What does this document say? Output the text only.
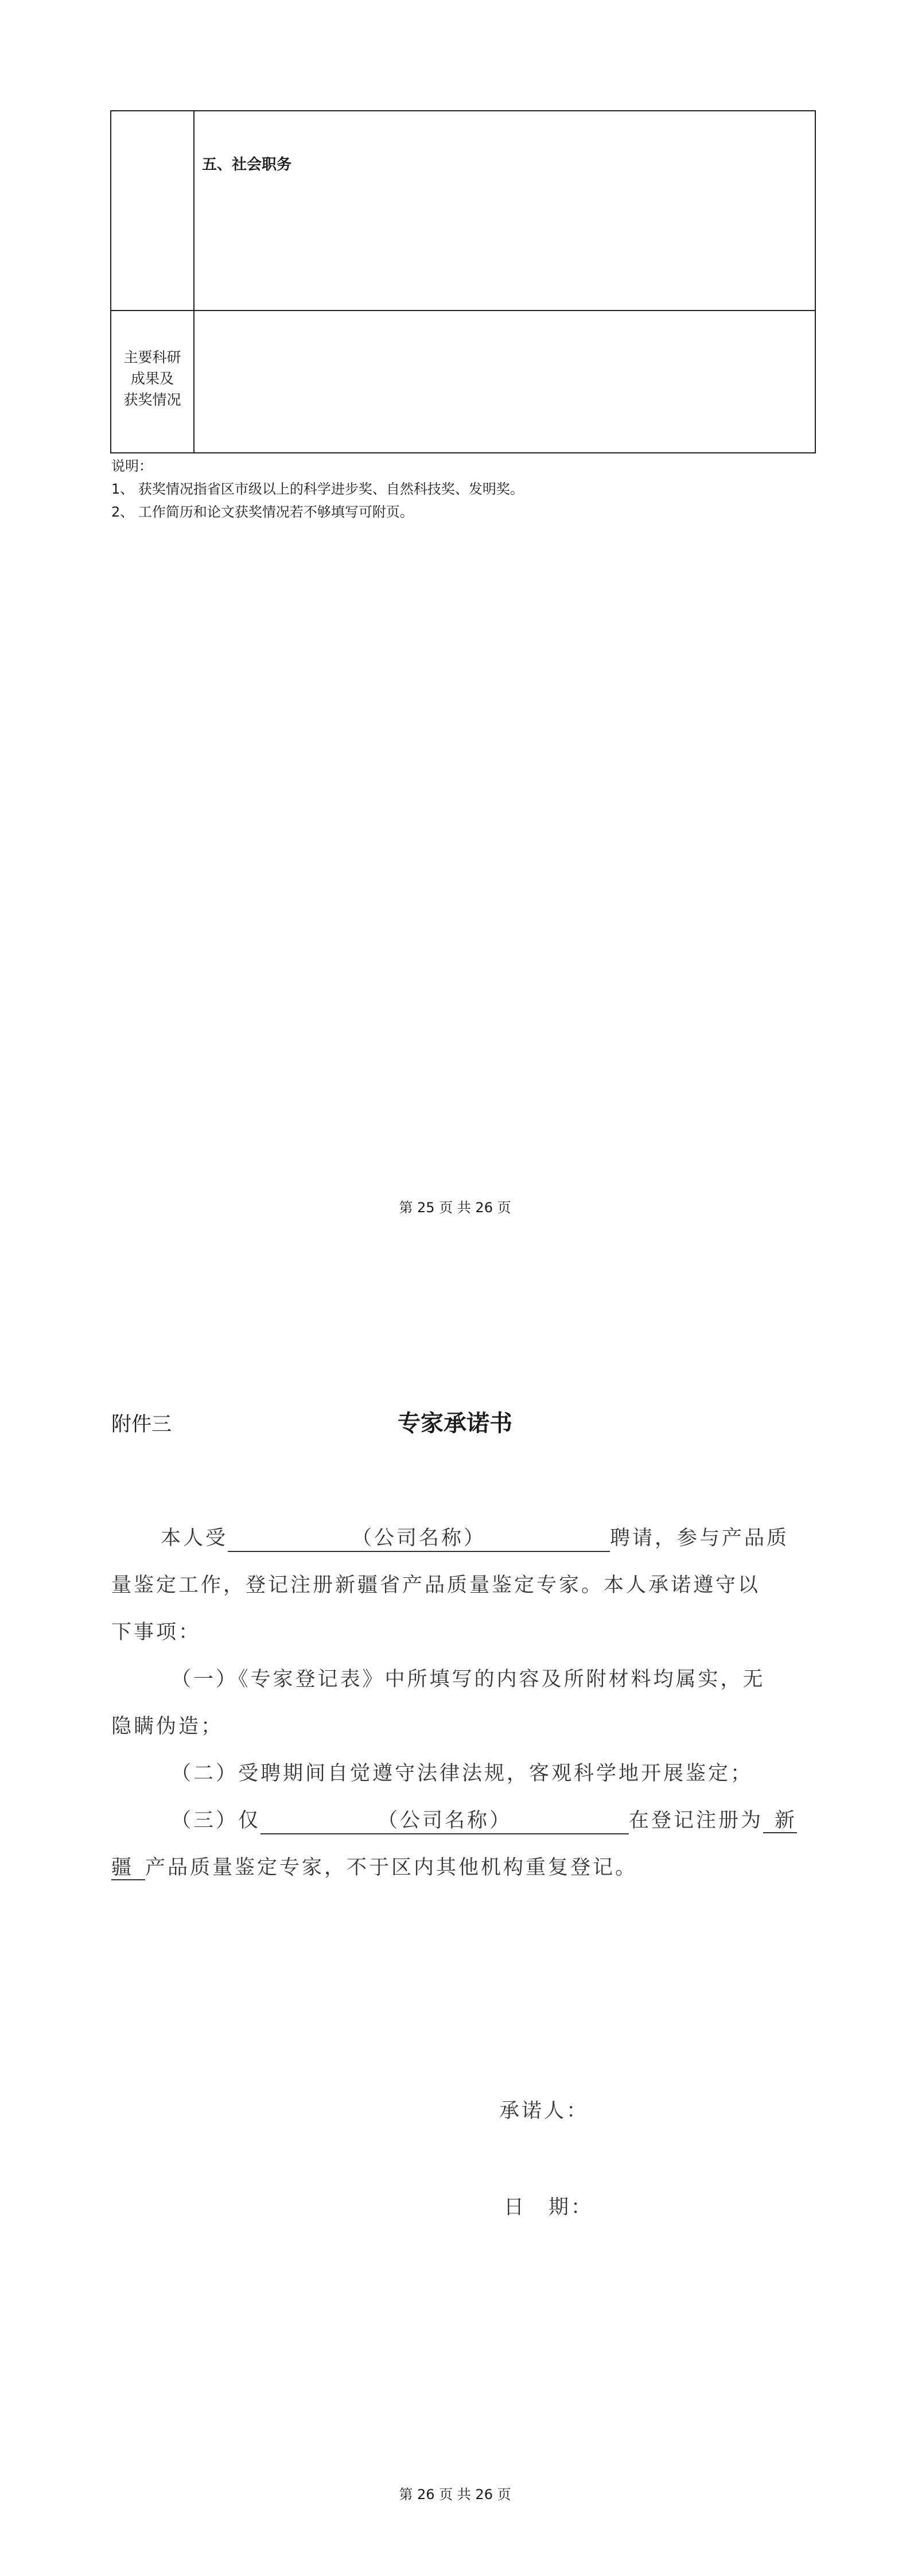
五、社会职务
主要科研
成果及
获奖情况
说明：
1、 获奖情况指省区市级以上的科学进步奖、自然科技奖、发明奖。
2、 工作简历和论文获奖情况若不够填写可附页。
第 25 页 共 26 页
附件三	专家承诺书
本人受	（公司名称）	聘请，参与产品质
量鉴定工作，登记注册新疆省产品质量鉴定专家。本人承诺遵守以
下事项：
（一）《专家登记表》中所填写的内容及所附材料均属实，无
隐瞒伪造；
（二）受聘期间自觉遵守法律法规，客观科学地开展鉴定；
（三）仅	（公司名称）	在登记注册为 新
疆 产品质量鉴定专家，不于区内其他机构重复登记。
承诺人：
日　期：
第 26 页 共 26 页
